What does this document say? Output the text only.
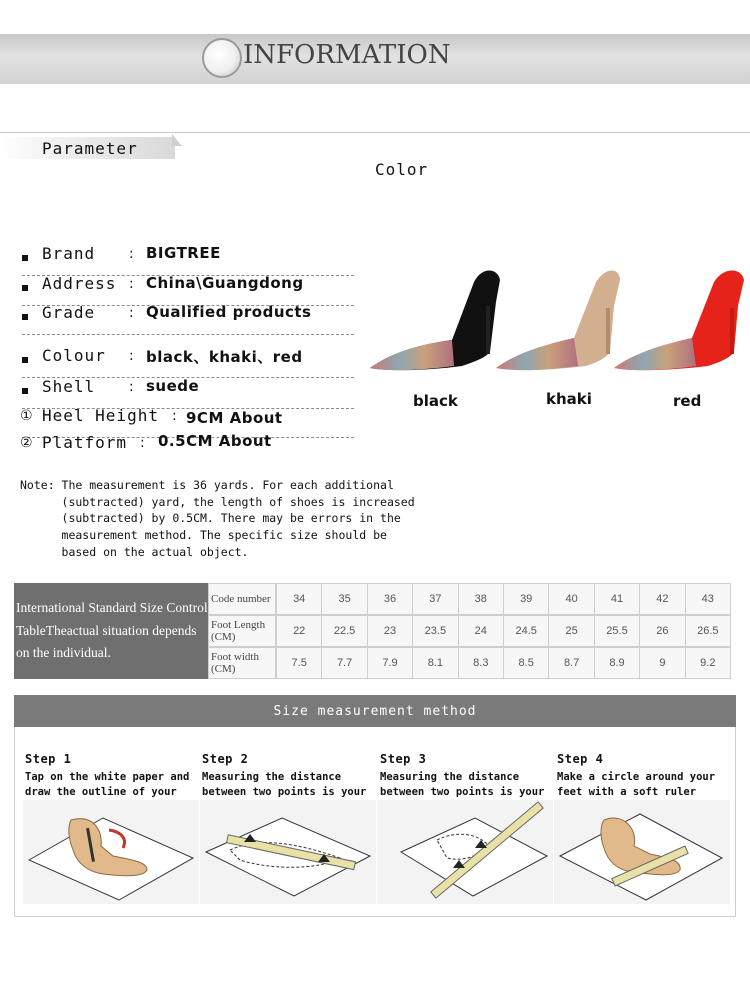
INFORMATION
Parameter
Color
Brand : BIGTREE
Address : China\Guangdong
Grade : Qualified products
Colour : black、khaki、red
Shell : suede
① Heel Height : 9CM About
② Platform : 0.5CM About
black	khaki	red
Note: The measurement is 36 yards. For each additional
(subtracted) yard, the length of shoes is increased
(subtracted) by 0.5CM. There may be errors in the
measurement method. The specific size should be
based on the actual object.
International Standard Size Control TableTheactual situation depends on the individual.
Code number	34	35	36	37	38	39	40	41	42	43
Foot Length (CM)	22	22.5	23	23.5	24	24.5	25	25.5	26	26.5
Foot width (CM)	7.5	7.7	7.9	8.1	8.3	8.5	8.7	8.9	9	9.2
Size measurement method
Step 1
Tap on the white paper and draw the outline of your footsteps
Step 2
Measuring the distance between two points is your foot length.
Step 3
Measuring the distance between two points is your foot width.
Step 4
Make a circle around your feet with a soft ruler
